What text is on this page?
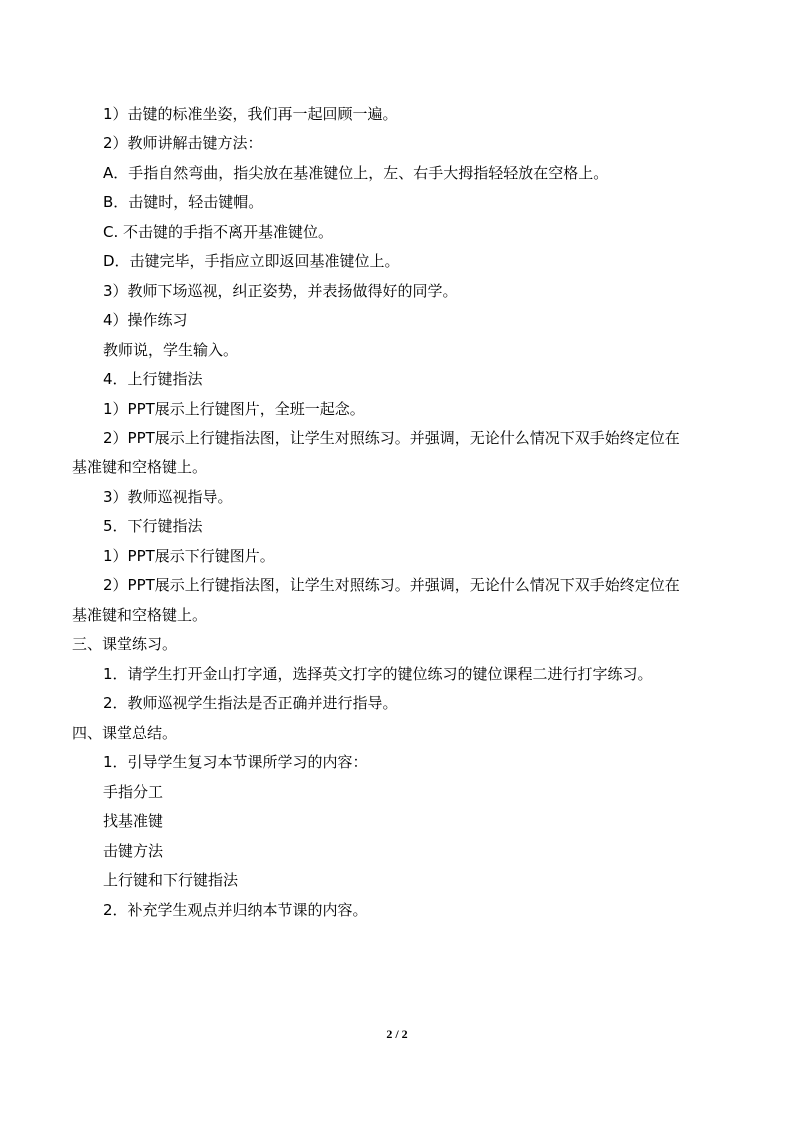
1）击键的标准坐姿，我们再一起回顾一遍。
2）教师讲解击键方法：
A．手指自然弯曲，指尖放在基准键位上，左、右手大拇指轻轻放在空格上。
B．击键时，轻击键帽。
C. 不击键的手指不离开基准键位。
D．击键完毕，手指应立即返回基准键位上。
3）教师下场巡视，纠正姿势，并表扬做得好的同学。
4）操作练习
教师说，学生输入。
4．上行键指法
1）PPT展示上行键图片，全班一起念。
2）PPT展示上行键指法图，让学生对照练习。并强调，无论什么情况下双手始终定位在
基准键和空格键上。
3）教师巡视指导。
5．下行键指法
1）PPT展示下行键图片。
2）PPT展示上行键指法图，让学生对照练习。并强调，无论什么情况下双手始终定位在
基准键和空格键上。
三、课堂练习。
1．请学生打开金山打字通，选择英文打字的键位练习的键位课程二进行打字练习。
2．教师巡视学生指法是否正确并进行指导。
四、课堂总结。
1．引导学生复习本节课所学习的内容：
手指分工
找基准键
击键方法
上行键和下行键指法
2．补充学生观点并归纳本节课的内容。
2 / 2
